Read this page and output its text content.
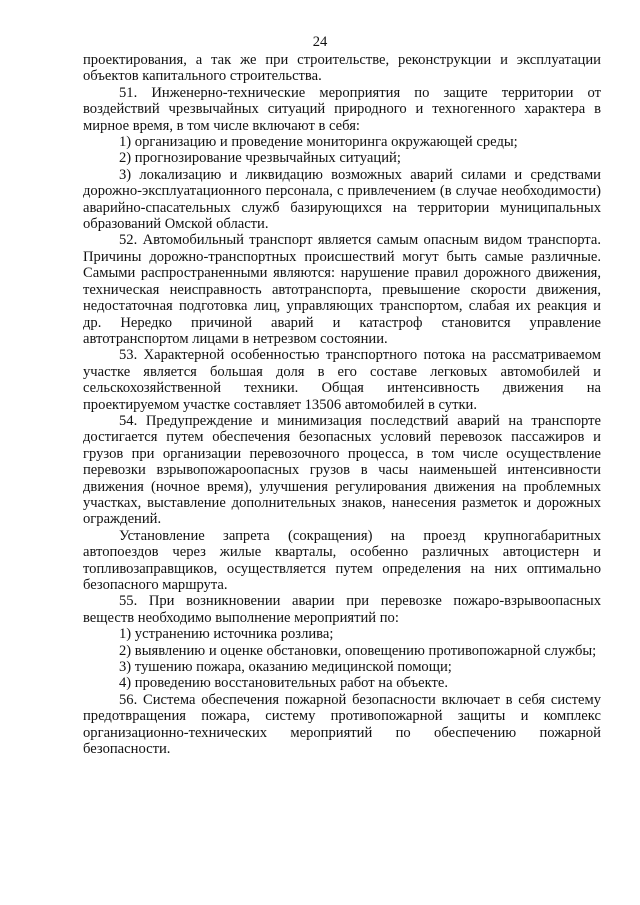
24

проектирования, а так же при строительстве, реконструкции и эксплуатации объектов капитального строительства.

51. Инженерно-технические мероприятия по защите территории от воздействий чрезвычайных ситуаций природного и техногенного характера в мирное время, в том числе включают в себя:

1) организацию и проведение мониторинга окружающей среды;

2) прогнозирование чрезвычайных ситуаций;

3) локализацию и ликвидацию возможных аварий силами и средствами дорожно-эксплуатационного персонала, с привлечением (в случае необходимости) аварийно-спасательных служб базирующихся на территории муниципальных образований Омской области.

52. Автомобильный транспорт является самым опасным видом транспорта. Причины дорожно-транспортных происшествий могут быть самые различные. Самыми распространенными являются: нарушение правил дорожного движения, техническая неисправность автотранспорта, превышение скорости движения, недостаточная подготовка лиц, управляющих транспортом, слабая их реакция и др. Нередко причиной аварий и катастроф становится управление автотранспортом лицами в нетрезвом состоянии.

53. Характерной особенностью транспортного потока на рассматриваемом участке является большая доля в его составе легковых автомобилей и сельскохозяйственной техники. Общая интенсивность движения на проектируемом участке составляет 13506 автомобилей в сутки.

54. Предупреждение и минимизация последствий аварий на транспорте достигается путем обеспечения безопасных условий перевозок пассажиров и грузов при организации перевозочного процесса, в том числе осуществление перевозки взрывопожароопасных грузов в часы наименьшей интенсивности движения (ночное время), улучшения регулирования движения на проблемных участках, выставление дополнительных знаков, нанесения разметок и дорожных ограждений.

Установление запрета (сокращения) на проезд крупногабаритных автопоездов через жилые кварталы, особенно различных автоцистерн и топливозаправщиков, осуществляется путем определения на них оптимально безопасного маршрута.

55. При возникновении аварии при перевозке пожаро-взрывоопасных веществ необходимо выполнение мероприятий по:

1) устранению источника розлива;

2) выявлению и оценке обстановки, оповещению противопожарной службы;

3) тушению пожара, оказанию медицинской помощи;

4) проведению восстановительных работ на объекте.

56. Система обеспечения пожарной безопасности включает в себя систему предотвращения пожара, систему противопожарной защиты и комплекс организационно-технических мероприятий по обеспечению пожарной безопасности.
